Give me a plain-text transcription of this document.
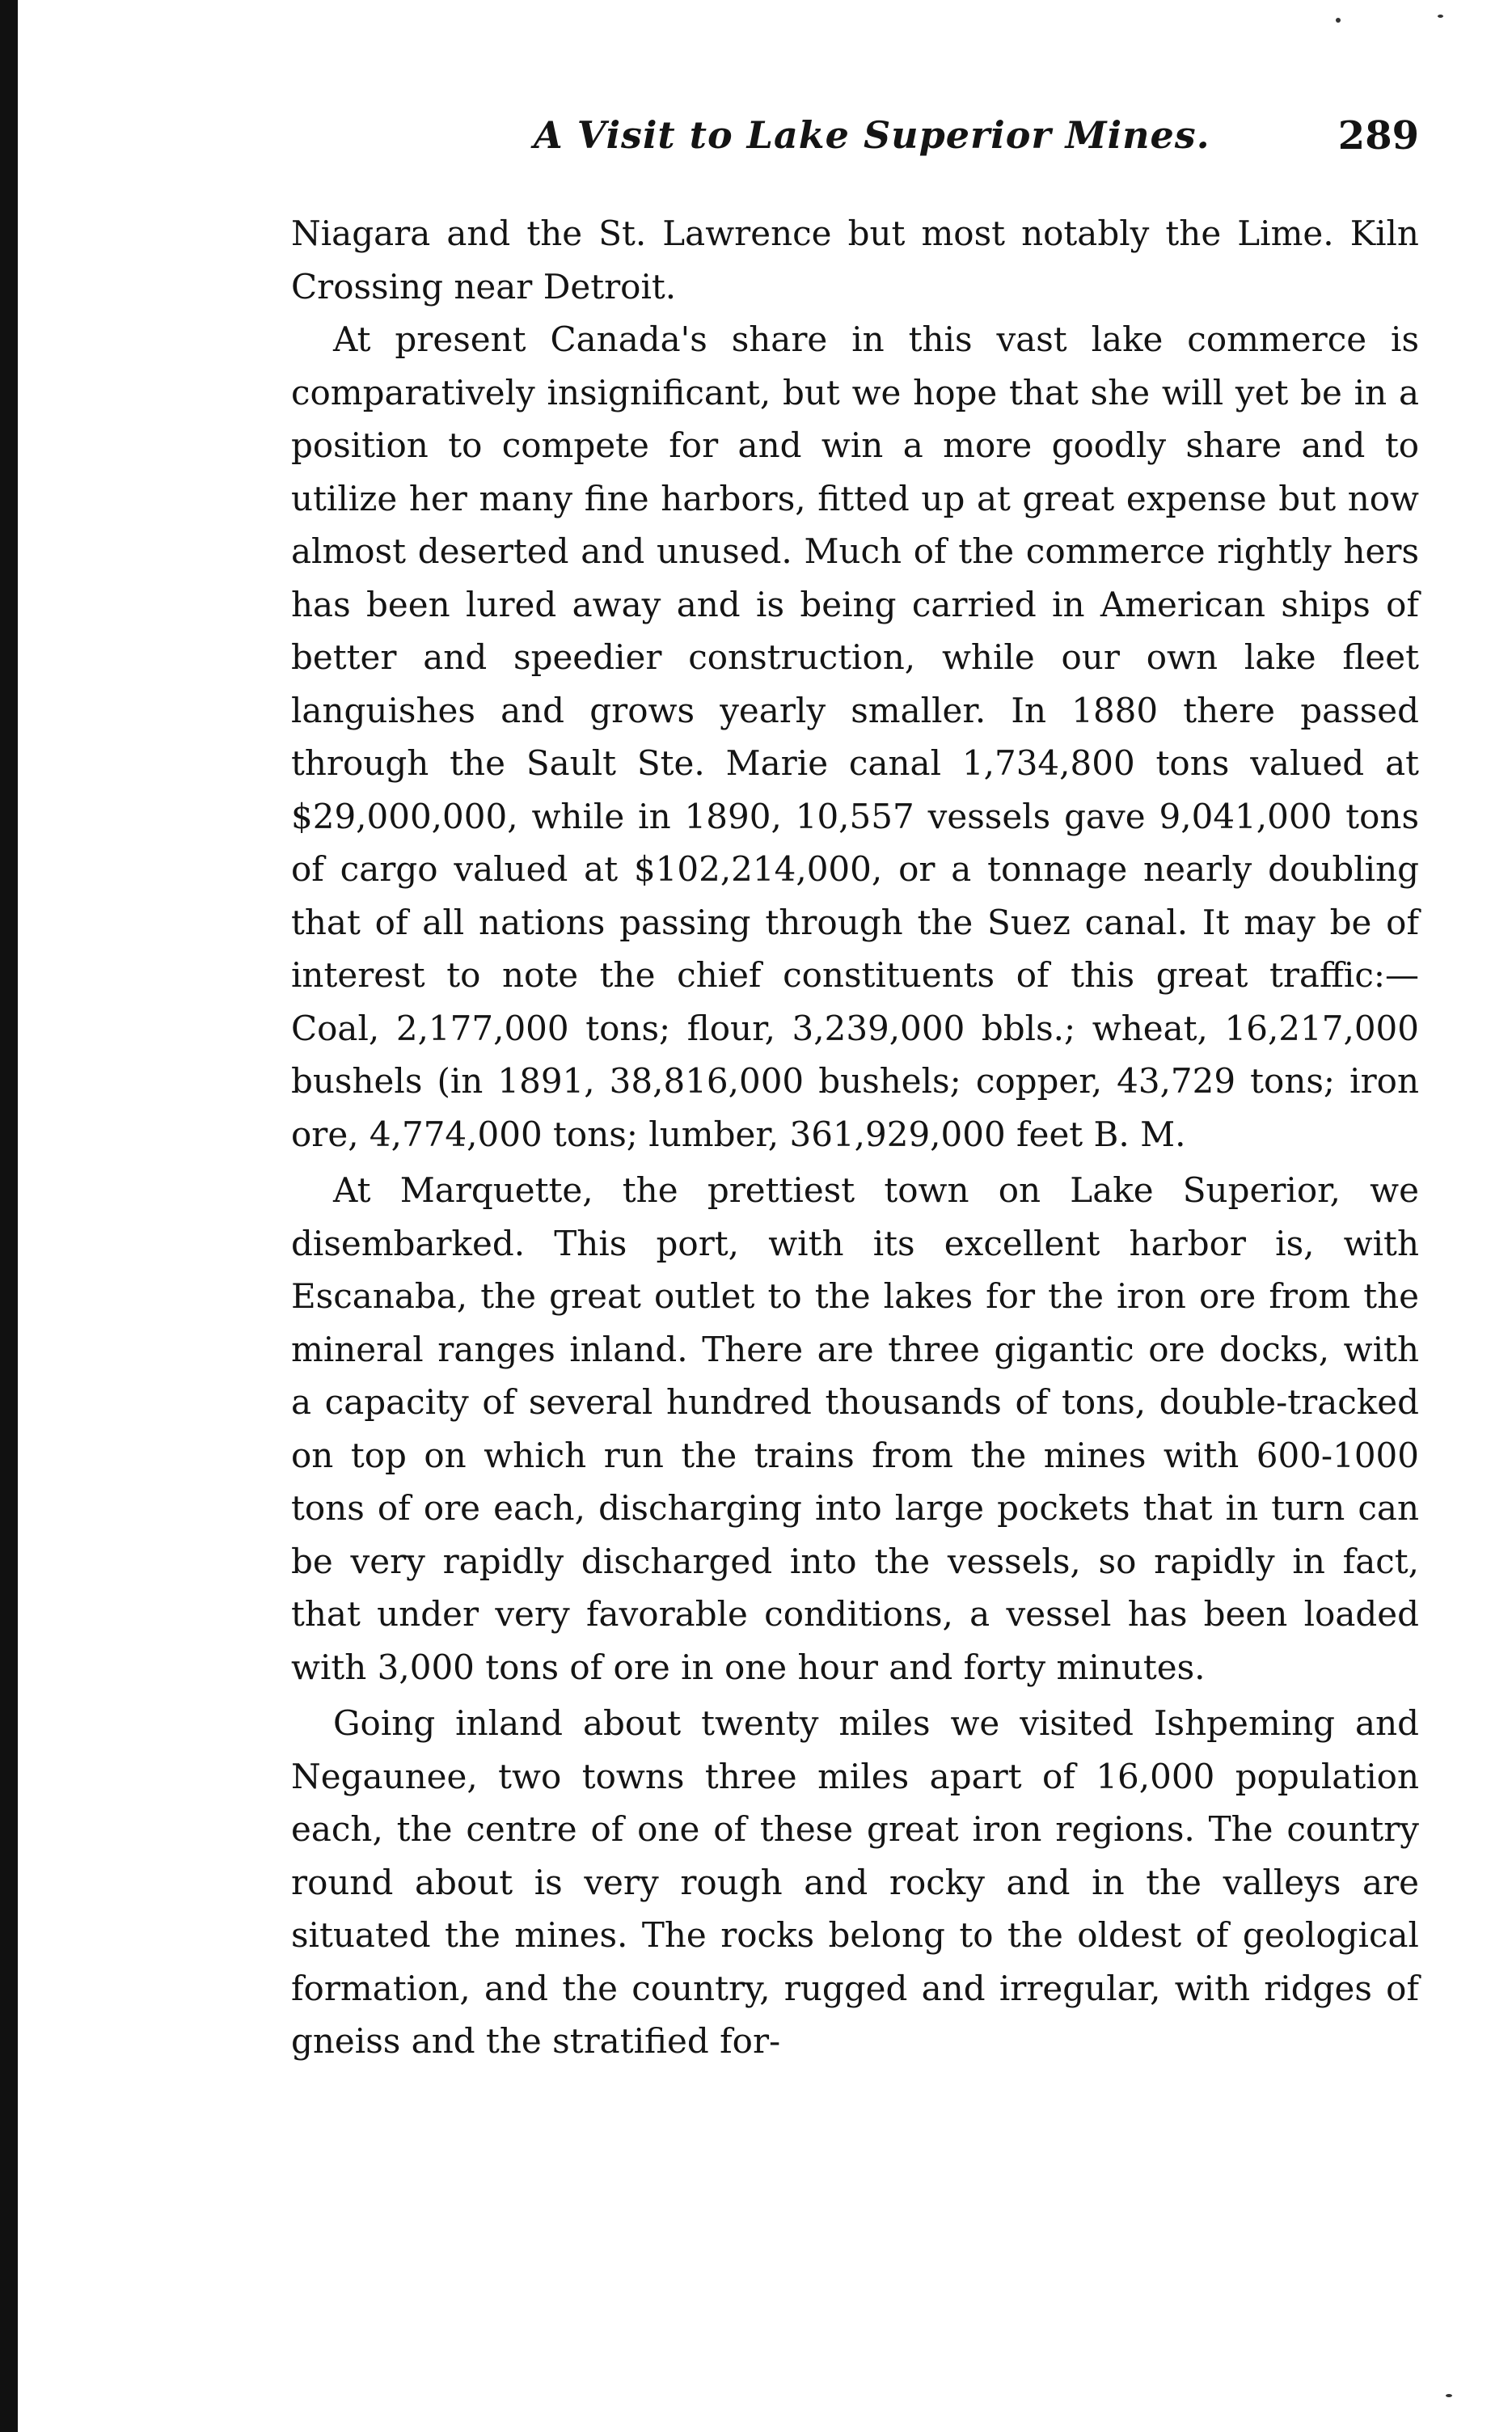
A Visit to Lake Superior Mines.	289

Niagara and the St. Lawrence but most notably the Lime. Kiln Crossing near Detroit.

At present Canada's share in this vast lake commerce is comparatively insignificant, but we hope that she will yet be in a position to compete for and win a more goodly share and to utilize her many fine harbors, fitted up at great expense but now almost deserted and unused. Much of the commerce rightly hers has been lured away and is being carried in American ships of better and speedier construction, while our own lake fleet languishes and grows yearly smaller. In 1880 there passed through the Sault Ste. Marie canal 1,734,800 tons valued at $29,000,000, while in 1890, 10,557 vessels gave 9,041,000 tons of cargo valued at $102,214,000, or a tonnage nearly doubling that of all nations passing through the Suez canal. It may be of interest to note the chief constituents of this great traffic:— Coal, 2,177,000 tons; flour, 3,239,000 bbls.; wheat, 16,217,000 bushels (in 1891, 38,816,000 bushels; copper, 43,729 tons; iron ore, 4,774,000 tons; lumber, 361,929,000 feet B. M.

At Marquette, the prettiest town on Lake Superior, we disembarked. This port, with its excellent harbor is, with Escanaba, the great outlet to the lakes for the iron ore from the mineral ranges inland. There are three gigantic ore docks, with a capacity of several hundred thousands of tons, double-tracked on top on which run the trains from the mines with 600-1000 tons of ore each, discharging into large pockets that in turn can be very rapidly discharged into the vessels, so rapidly in fact, that under very favorable conditions, a vessel has been loaded with 3,000 tons of ore in one hour and forty minutes.

Going inland about twenty miles we visited Ishpeming and Negaunee, two towns three miles apart of 16,000 population each, the centre of one of these great iron regions. The country round about is very rough and rocky and in the valleys are situated the mines. The rocks belong to the oldest of geological formation, and the country, rugged and irregular, with ridges of gneiss and the stratified for-
